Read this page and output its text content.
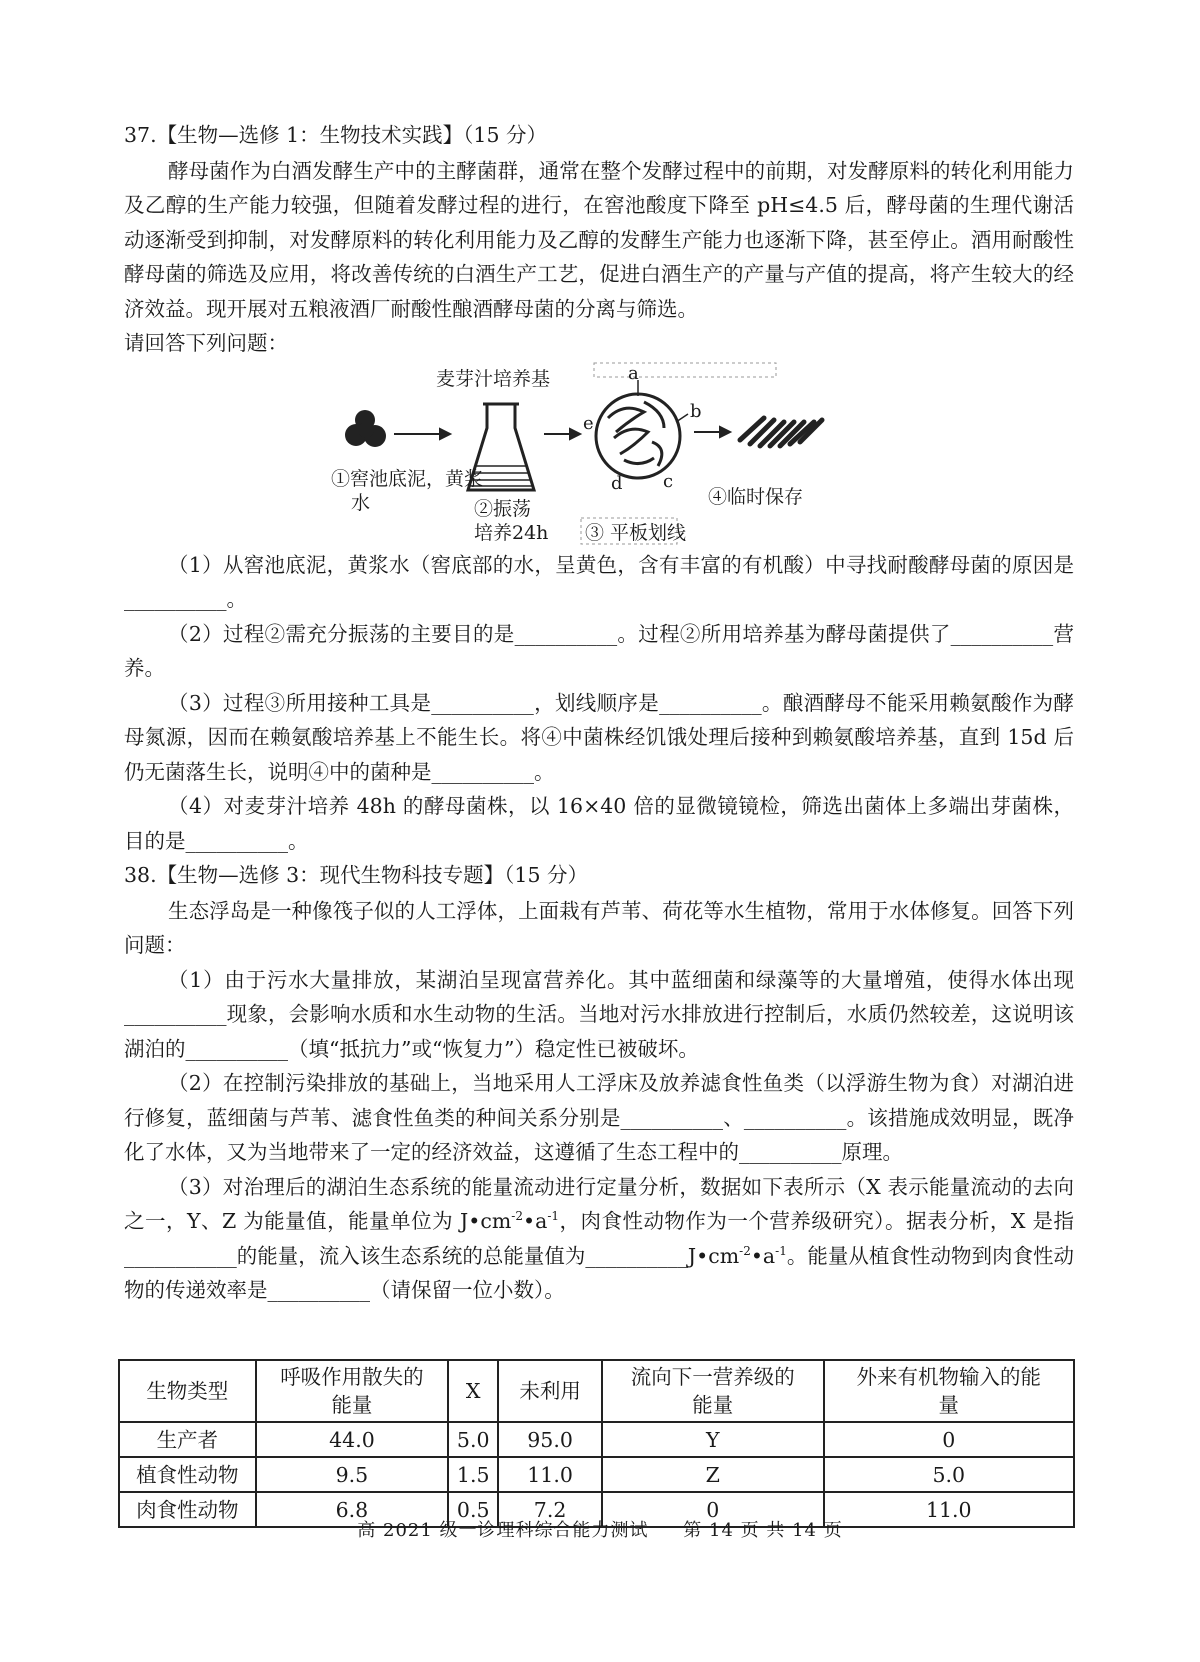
37.【生物—选修 1：生物技术实践】（15 分）

酵母菌作为白酒发酵生产中的主酵菌群，通常在整个发酵过程中的前期，对发酵原料的转化利用能力及乙醇的生产能力较强，但随着发酵过程的进行，在窖池酸度下降至 pH≤4.5 后，酵母菌的生理代谢活动逐渐受到抑制，对发酵原料的转化利用能力及乙醇的发酵生产能力也逐渐下降，甚至停止。酒用耐酸性酵母菌的筛选及应用，将改善传统的白酒生产工艺，促进白酒生产的产量与产值的提高，将产生较大的经济效益。现开展对五粮液酒厂耐酸性酿酒酵母菌的分离与筛选。

请回答下列问题：

麦芽汁培养基	a
b
c
d
e
①窖池底泥，黄浆
水	②振荡
培养24h ③ 平板划线
④临时保存

（1）从窖池底泥，黄浆水（窖底部的水，呈黄色，含有丰富的有机酸）中寻找耐酸酵母菌的原因是__________。

（2）过程②需充分振荡的主要目的是__________。过程②所用培养基为酵母菌提供了__________营养。

（3）过程③所用接种工具是__________，划线顺序是__________。酿酒酵母不能采用赖氨酸作为酵母氮源，因而在赖氨酸培养基上不能生长。将④中菌株经饥饿处理后接种到赖氨酸培养基，直到 15d 后仍无菌落生长，说明④中的菌种是__________。

（4）对麦芽汁培养 48h 的酵母菌株，以 16×40 倍的显微镜镜检，筛选出菌体上多端出芽菌株，目的是__________。

38.【生物—选修 3：现代生物科技专题】（15 分）

生态浮岛是一种像筏子似的人工浮体，上面栽有芦苇、荷花等水生植物，常用于水体修复。回答下列问题：

（1）由于污水大量排放，某湖泊呈现富营养化。其中蓝细菌和绿藻等的大量增殖，使得水体出现__________现象，会影响水质和水生动物的生活。当地对污水排放进行控制后，水质仍然较差，这说明该湖泊的__________（填“抵抗力”或“恢复力”）稳定性已被破坏。

（2）在控制污染排放的基础上，当地采用人工浮床及放养滤食性鱼类（以浮游生物为食）对湖泊进行修复，蓝细菌与芦苇、滤食性鱼类的种间关系分别是__________、__________。该措施成效明显，既净化了水体，又为当地带来了一定的经济效益，这遵循了生态工程中的__________原理。

（3）对治理后的湖泊生态系统的能量流动进行定量分析，数据如下表所示（X 表示能量流动的去向之一，Y、Z 为能量值，能量单位为 $J•cm^{-2}•a^{-1}$，肉食性动物作为一个营养级研究）。据表分析，X 是指___________的能量，流入该生态系统的总能量值为$\_\_\_\_\_\_\_\_\_\_J•cm^{-2}•a^{-1}$。能量从植食性动物到肉食性动物的传递效率是__________（请保留一位小数）。

生物类型	呼吸作用散失的能量	X	未利用	流向下一营养级的能量	外来有机物输入的能量
生产者	44.0	5.0	95.0	Y	0
植食性动物	9.5	1.5	11.0	Z	5.0
肉食性动物	6.8	0.5	7.2	0	11.0
高 2021 级一诊理科综合能力测试 第 14 页 共 14 页
